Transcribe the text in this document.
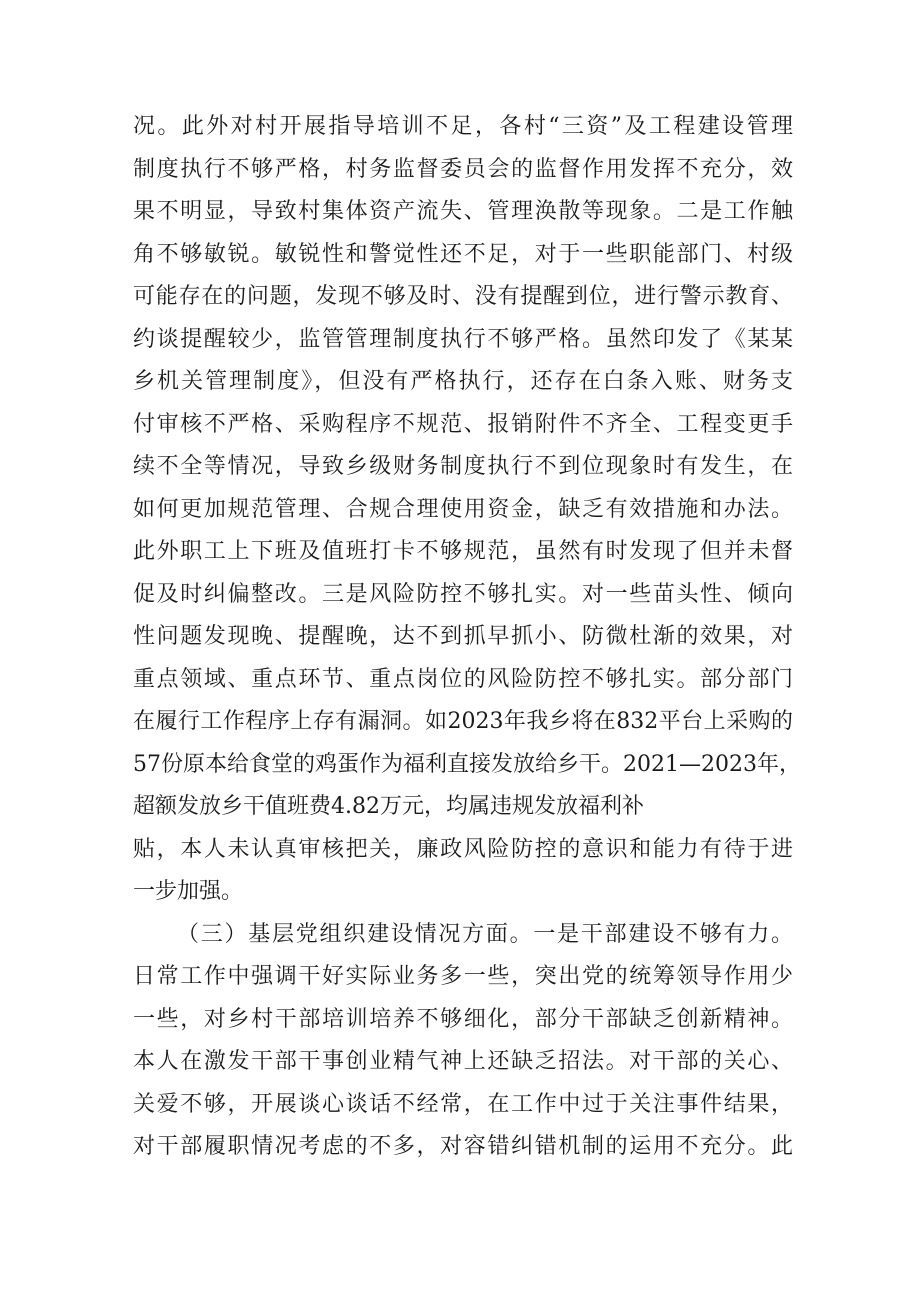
况。此外对村开展指导培训不足，各村“三资”及工程建设管理
制度执行不够严格，村务监督委员会的监督作用发挥不充分，效
果不明显，导致村集体资产流失、管理涣散等现象。二是工作触
角不够敏锐。敏锐性和警觉性还不足，对于一些职能部门、村级
可能存在的问题，发现不够及时、没有提醒到位，进行警示教育、
约谈提醒较少，监管管理制度执行不够严格。虽然印发了《某某
乡机关管理制度》，但没有严格执行，还存在白条入账、财务支
付审核不严格、采购程序不规范、报销附件不齐全、工程变更手
续不全等情况，导致乡级财务制度执行不到位现象时有发生，在
如何更加规范管理、合规合理使用资金，缺乏有效措施和办法。
此外职工上下班及值班打卡不够规范，虽然有时发现了但并未督
促及时纠偏整改。三是风险防控不够扎实。对一些苗头性、倾向
性问题发现晚、提醒晚，达不到抓早抓小、防微杜渐的效果，对
重点领域、重点环节、重点岗位的风险防控不够扎实。部分部门
在履行工作程序上存有漏洞。如2023年我乡将在832平台上采购的
57份原本给食堂的鸡蛋作为福利直接发放给乡干。2021—2023年，
超额发放乡干值班费4.82万元，均属违规发放福利补
贴，本人未认真审核把关，廉政风险防控的意识和能力有待于进
一步加强。
（三）基层党组织建设情况方面。一是干部建设不够有力。
日常工作中强调干好实际业务多一些，突出党的统筹领导作用少
一些，对乡村干部培训培养不够细化，部分干部缺乏创新精神。
本人在激发干部干事创业精气神上还缺乏招法。对干部的关心、
关爱不够，开展谈心谈话不经常，在工作中过于关注事件结果，
对干部履职情况考虑的不多，对容错纠错机制的运用不充分。此
